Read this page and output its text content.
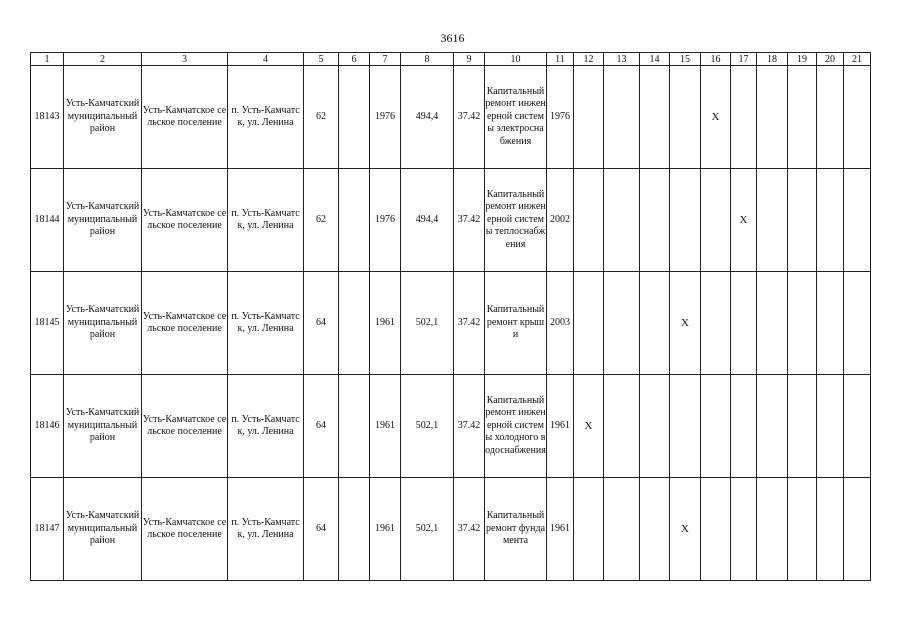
3616
1	2	3	4	5	6	7	8	9	10	11	12	13	14	15	16	17	18	19	20	21
18143	Усть-Камчатский муниципальный район	Усть-Камчатское сельское поселение	п. Усть-Камчатск, ул. Ленина	62		1976	494,4	37.42	Капитальный ремонт инженерной системы электроснабжения	1976					X					
18144	Усть-Камчатский муниципальный район	Усть-Камчатское сельское поселение	п. Усть-Камчатск, ул. Ленина	62		1976	494,4	37.42	Капитальный ремонт инженерной системы теплоснабжения	2002						X				
18145	Усть-Камчатский муниципальный район	Усть-Камчатское сельское поселение	п. Усть-Камчатск, ул. Ленина	64		1961	502,1	37.42	Капитальный ремонт крыши	2003				X						
18146	Усть-Камчатский муниципальный район	Усть-Камчатское сельское поселение	п. Усть-Камчатск, ул. Ленина	64		1961	502,1	37.42	Капитальный ремонт инженерной системы холодного водоснабжения	1961	X									
18147	Усть-Камчатский муниципальный район	Усть-Камчатское сельское поселение	п. Усть-Камчатск, ул. Ленина	64		1961	502,1	37.42	Капитальный ремонт фундамента	1961				X						
